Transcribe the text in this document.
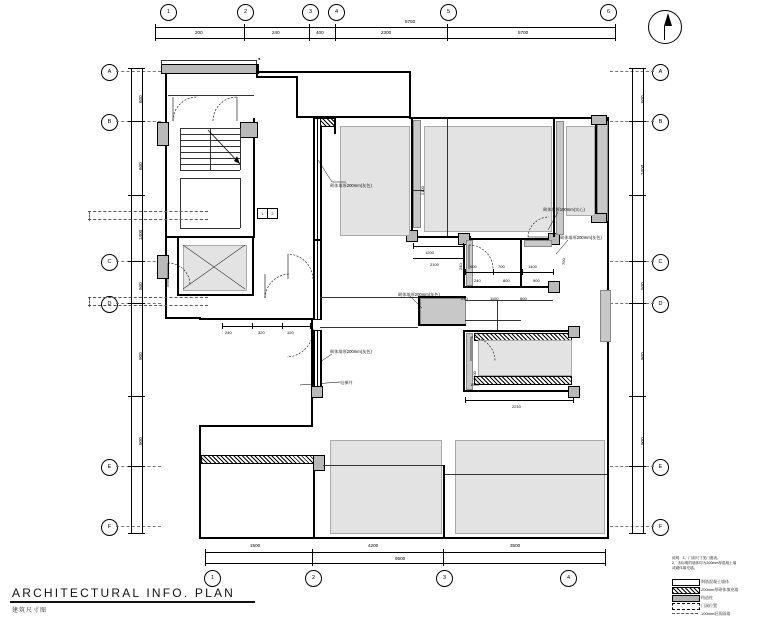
1	2	3	4	5	6
200	240	400	2300	5700
5750
A
B
C
D
E
F
600
600
1400
500
900
900
A
B
C
D
E
F
600
1400
500
900
900
1	2	3	4
1500	4200	3500
9500
●
电梯井
1	2
砌体墙厚200mm(灰色)
砌体墙厚100mm(实心)
砌体墙厚200mm(灰色)
砌体墙厚200mm(灰色)
砌体墙厚200mm(灰色)
240	320	120
1200
2100	900	700	1400
240	800	900
240	1100	600
1500
2210
2100
240
2100
700
说明：1、门洞尺寸见门窗表。
2、未标明的墙体均为200mm厚混凝土墙
或砌体填充墙。
钢筋混凝土墙体
200mm厚砌体填充墙
构造柱
门洞位置
100mm轻质隔墙
ARCHITECTURAL INFO. PLAN
建筑尺寸图
